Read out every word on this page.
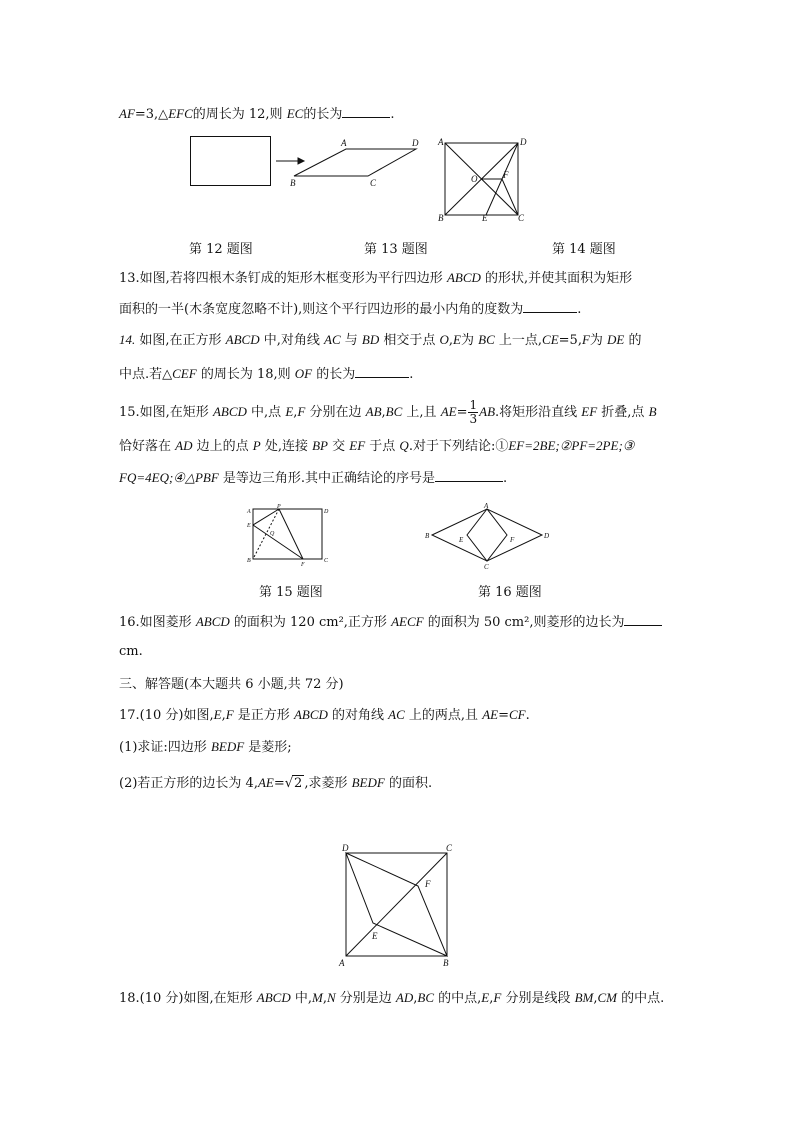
AF=3,△EFC的周长为 12,则 EC的长为	.
A	D
B	C
A	D
B	C
E
O	F
第 12 题图	第 13 题图	第 14 题图
13.如图,若将四根木条钉成的矩形木框变形为平行四边形 ABCD 的形状,并使其面积为矩形
面积的一半(木条宽度忽略不计),则这个平行四边形的最小内角的度数为	.
14. 如图,在正方形 ABCD 中,对角线 AC 与 BD 相交于点 O,E为 BC 上一点,CE=5,F为 DE 的
中点.若△CEF 的周长为 18,则 OF 的长为	.
15.如图,在矩形 ABCD 中,点 E,F 分别在边 AB,BC 上,且 $AE= \frac{1}{3}$ AB.将矩形沿直线 EF 折叠,点 B
恰好落在 AD 边上的点 P 处,连接 BP 交 EF 于点 Q.对于下列结论:①EF=2BE;②PF=2PE;③
FQ=4EQ;④△PBF 是等边三角形.其中正确结论的序号是	.
A
P
D
E
Q
B
F
C
A
B	D
C
E	F
第 15 题图	第 16 题图
16.如图菱形 ABCD 的面积为 120 cm²,正方形 AECF 的面积为 50 cm²,则菱形的边长为
cm.
三、解答题(本大题共 6 小题,共 72 分)
17.(10 分)如图,E,F 是正方形 ABCD 的对角线 AC 上的两点,且 AE=CF.
(1)求证:四边形 BEDF 是菱形;
(2)若正方形的边长为 4,AE=√2 ,求菱形 BEDF 的面积.
D	C
A	B
F
E
18.(10 分)如图,在矩形 ABCD 中,M,N 分别是边 AD,BC 的中点,E,F 分别是线段 BM,CM 的中点.
